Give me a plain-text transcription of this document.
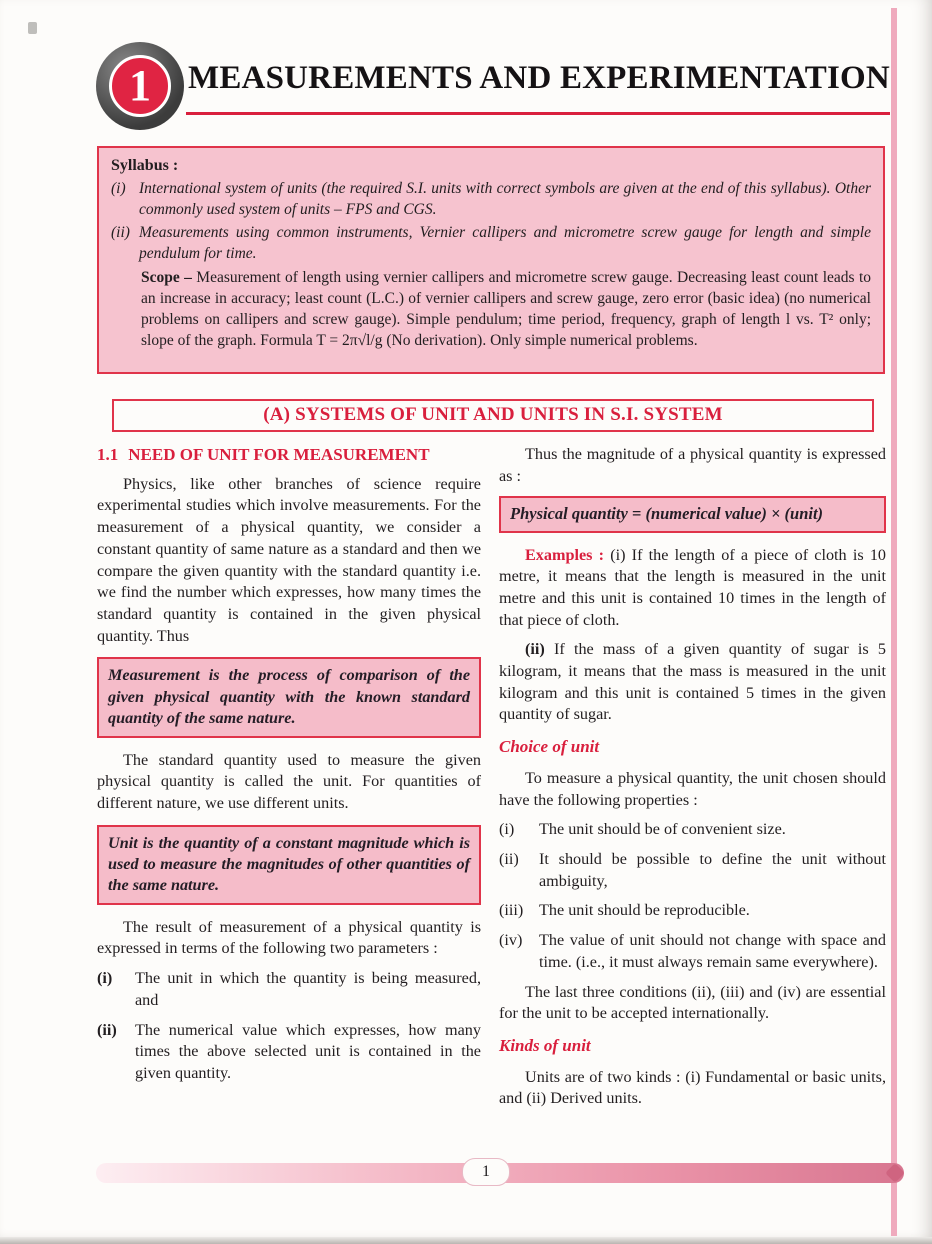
1 MEASUREMENTS AND EXPERIMENTATION
Syllabus :
(i) International system of units (the required S.I. units with correct symbols are given at the end of this syllabus). Other commonly used system of units – FPS and CGS.
(ii) Measurements using common instruments, Vernier callipers and micrometre screw gauge for length and simple pendulum for time.
Scope – Measurement of length using vernier callipers and micrometre screw gauge. Decreasing least count leads to an increase in accuracy; least count (L.C.) of vernier callipers and screw gauge, zero error (basic idea) (no numerical problems on callipers and screw gauge). Simple pendulum; time period, frequency, graph of length l vs. T² only; slope of the graph. Formula T = 2π√l/g (No derivation). Only simple numerical problems.
(A) SYSTEMS OF UNIT AND UNITS IN S.I. SYSTEM
1.1 NEED OF UNIT FOR MEASUREMENT

Physics, like other branches of science require experimental studies which involve measurements. For the measurement of a physical quantity, we consider a constant quantity of same nature as a standard and then we compare the given quantity with the standard quantity i.e. we find the number which expresses, how many times the standard quantity is contained in the given physical quantity. Thus

Measurement is the process of comparison of the given physical quantity with the known standard quantity of the same nature.

The standard quantity used to measure the given physical quantity is called the unit. For quantities of different nature, we use different units.

Unit is the quantity of a constant magnitude which is used to measure the magnitudes of other quantities of the same nature.

The result of measurement of a physical quantity is expressed in terms of the following two parameters :

(i)	The unit in which the quantity is being measured, and
(ii)	The numerical value which expresses, how many times the above selected unit is contained in the given quantity.

Thus the magnitude of a physical quantity is expressed as :

Physical quantity = (numerical value) × (unit)

Examples : (i) If the length of a piece of cloth is 10 metre, it means that the length is measured in the unit metre and this unit is contained 10 times in the length of that piece of cloth.

(ii) If the mass of a given quantity of sugar is 5 kilogram, it means that the mass is measured in the unit kilogram and this unit is contained 5 times in the given quantity of sugar.

Choice of unit

To measure a physical quantity, the unit chosen should have the following properties :

(i)	The unit should be of convenient size.
(ii)	It should be possible to define the unit without ambiguity,
(iii) The unit should be reproducible.
(iv)	The value of unit should not change with space and time. (i.e., it must always remain same everywhere).

The last three conditions (ii), (iii) and (iv) are essential for the unit to be accepted internationally.

Kinds of unit

Units are of two kinds : (i) Fundamental or basic units, and (ii) Derived units.

1
